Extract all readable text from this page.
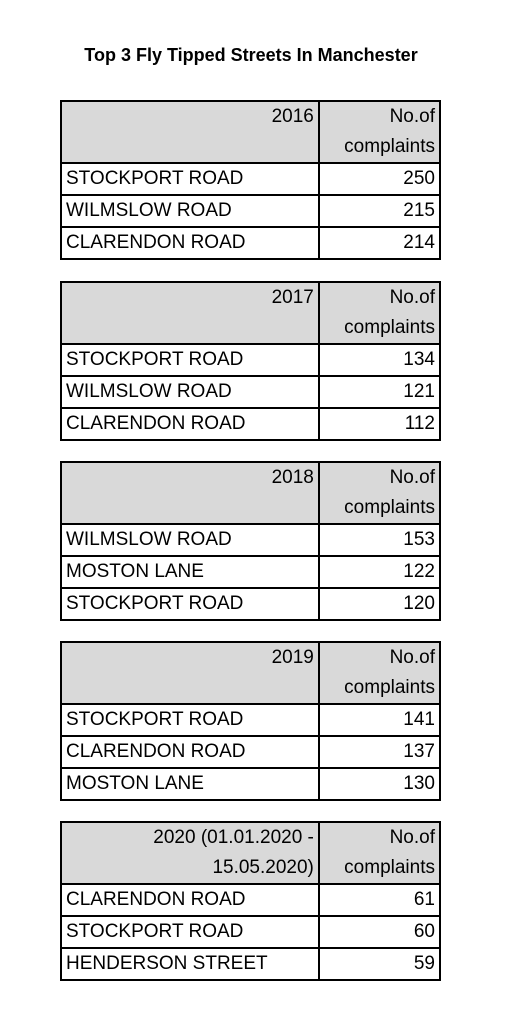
Top 3 Fly Tipped Streets In Manchester
2016	No.of
complaints

STOCKPORT ROAD	250
WILMSLOW ROAD	215
CLARENDON ROAD	214
2017	No.of
complaints

STOCKPORT ROAD	134
WILMSLOW ROAD	121
CLARENDON ROAD	112
2018	No.of
complaints

WILMSLOW ROAD	153
MOSTON LANE	122
STOCKPORT ROAD	120
2019	No.of
complaints

STOCKPORT ROAD	141
CLARENDON ROAD	137
MOSTON LANE	130
2020 (01.01.2020 -
15.05.2020)	No.of
complaints

CLARENDON ROAD	61
STOCKPORT ROAD	60
HENDERSON STREET	59
